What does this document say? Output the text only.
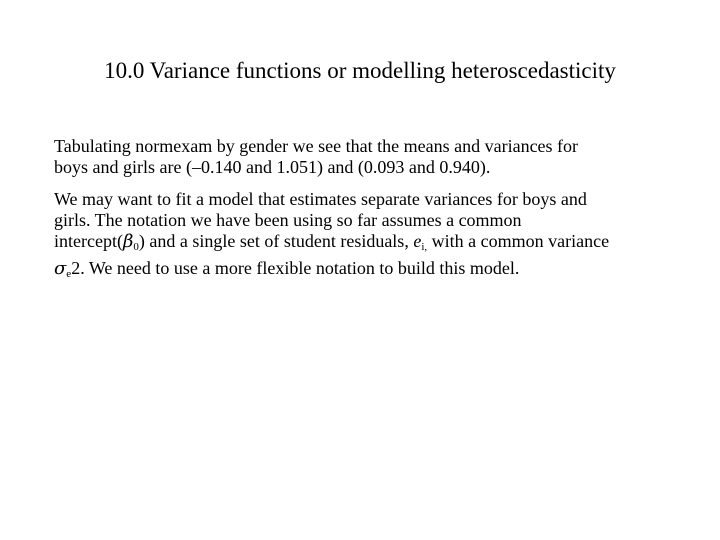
10.0 Variance functions or modelling heteroscedasticity

Tabulating normexam by gender we see that the means and variances for
boys and girls are (–0.140 and 1.051) and (0.093 and 0.940).

We may want to fit a model that estimates separate variances for boys and
girls. The notation we have been using so far assumes a common
$intercept(\beta_0)$ and a single set of student residuals, $e_{i,}$ with a common variance
$\sigma_e2$. We need to use a more flexible notation to build this model.
